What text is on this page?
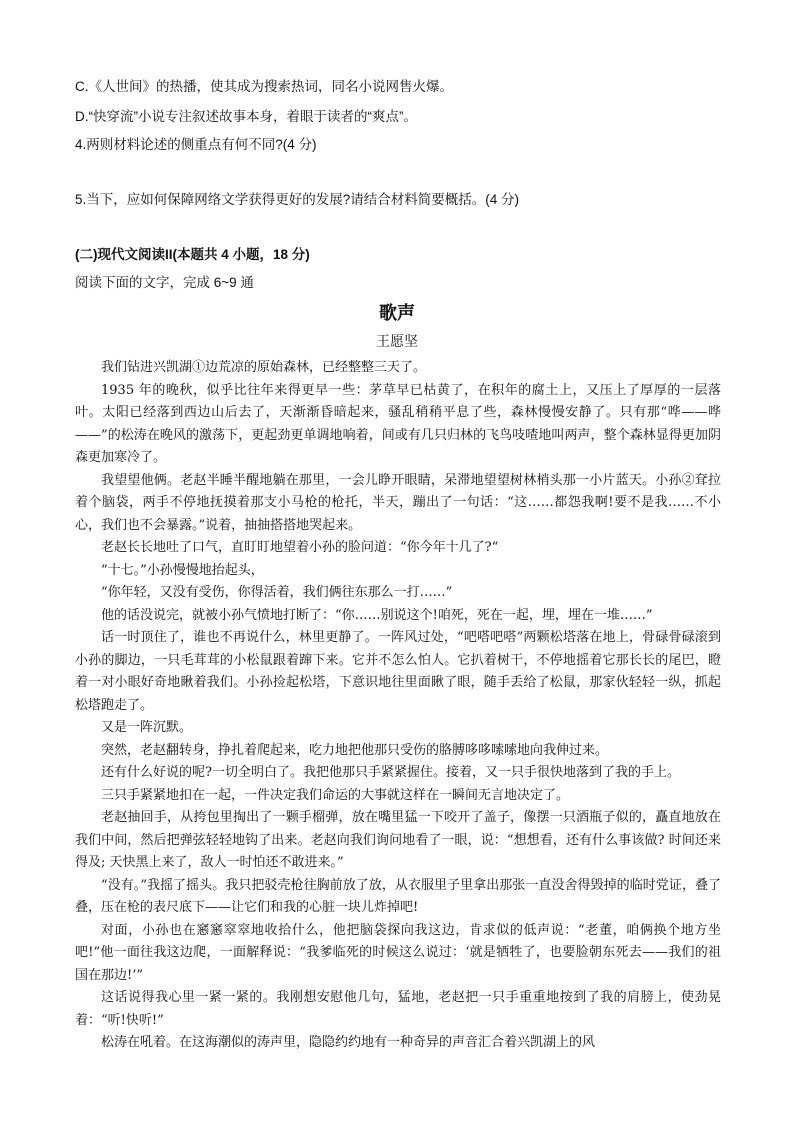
C.《人世间》的热播，使其成为搜索热词，同名小说网售火爆。
D.“快穿流”小说专注叙述故事本身，着眼于读者的“爽点”。
4.两则材料论述的侧重点有何不同?(4 分)
5.当下，应如何保障网络文学获得更好的发展?请结合材料简要概括。(4 分)
(二)现代文阅读II(本题共 4 小题，18 分)
阅读下面的文字，完成 6~9 通
歌声
王愿坚

我们钻进兴凯湖①边荒凉的原始森林，已经整整三天了。

1935 年的晚秋，似乎比往年来得更早一些：茅草早已枯黄了，在积年的腐土上，又压上了厚厚的一层落叶。太阳已经落到西边山后去了，天渐渐昏暗起来，骚乱稍稍平息了些，森林慢慢安静了。只有那“哗——哗——”的松涛在晚风的激荡下，更起劲更单调地响着，间或有几只归林的飞鸟吱喳地叫两声，整个森林显得更加阴森更加寒冷了。

我望望他俩。老赵半睡半醒地躺在那里，一会儿睁开眼睛，呆滞地望望树林梢头那一小片蓝天。小孙②耷拉着个脑袋，两手不停地抚摸着那支小马枪的枪托，半天，蹦出了一句话：“这……都怨我啊!要不是我……不小心，我们也不会暴露。”说着，抽抽搭搭地哭起来。

老赵长长地吐了口气，直盯盯地望着小孙的脸问道：“你今年十几了?“

“十七。”小孙慢慢地抬起头，

“你年轻，又没有受伤，你得活着，我们俩往东那么一打……”

他的话没说完，就被小孙气愤地打断了：“你……别说这个!咱死，死在一起，埋，埋在一堆……”

话一时顶住了，谁也不再说什么，林里更静了。一阵风过处，“吧嗒吧嗒”两颗松塔落在地上，骨碌骨碌滚到小孙的脚边，一只毛茸茸的小松鼠跟着蹿下来。它并不怎么怕人。它扒着树干，不停地摇着它那长长的尾巴，瞪着一对小眼好奇地瞅着我们。小孙捡起松塔，下意识地往里面瞅了眼，随手丢给了松鼠，那家伙轻轻一纵，抓起松塔跑走了。

又是一阵沉默。

突然，老赵翻转身，挣扎着爬起来，吃力地把他那只受伤的胳膊哆哆嗦嗦地向我伸过来。

还有什么好说的呢?一切全明白了。我把他那只手紧紧握住。接着，又一只手很快地落到了我的手上。

三只手紧紧地扣在一起，一件决定我们命运的大事就这样在一瞬间无言地决定了。

老赵抽回手，从挎包里掏出了一颗手榴弹，放在嘴里猛一下咬开了盖子，像摆一只酒瓶子似的，矗直地放在我们中间，然后把弹弦轻轻地钩了出来。老赵向我们询问地看了一眼，说：“想想看，还有什么事该做? 时间还来得及; 天快黑上来了，敌人一时怕还不敢进来。”

“没有。”我摇了摇头。我只把驳壳枪往胸前放了放，从衣服里子里拿出那张一直没舍得毁掉的临时党证，叠了叠，压在枪的表尺底下——让它们和我的心脏一块儿炸掉吧!

对面，小孙也在窸窸窣窣地收拾什么，他把脑袋探向我这边，肯求似的低声说：“老董，咱俩换个地方坐吧!”他一面往我这边爬，一面解释说：“我爹临死的时候这么说过：‘就是牺牲了，也要脸朝东死去——我们的祖国在那边!’”

这话说得我心里一紧一紧的。我刚想安慰他几句，猛地，老赵把一只手重重地按到了我的肩膀上，使劲晃着：“听!快听!”

松涛在吼着。在这海潮似的涛声里，隐隐约约地有一种奇异的声音汇合着兴凯湖上的风
